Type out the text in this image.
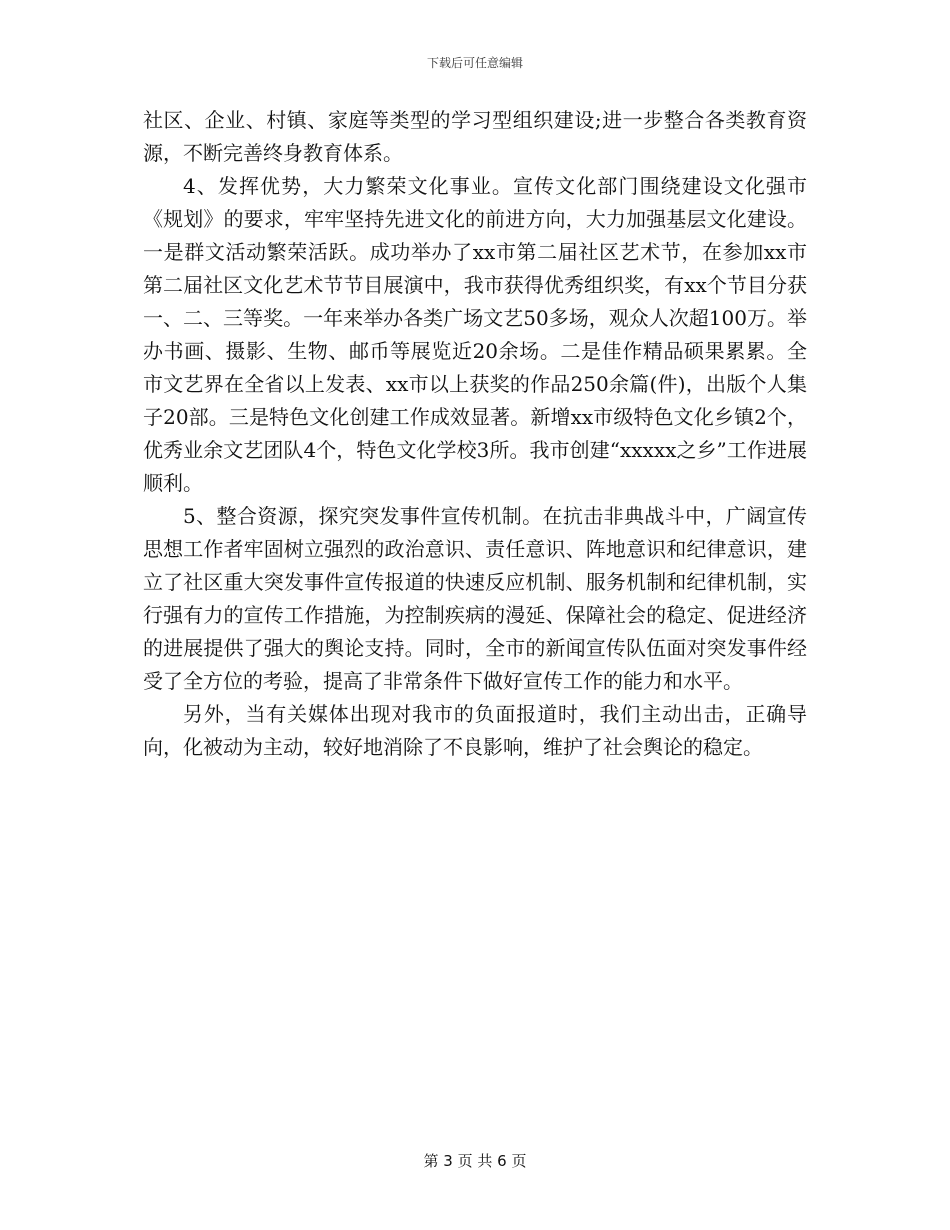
下载后可任意编辑

社区、企业、村镇、家庭等类型的学习型组织建设;进一步整合各类教育资源，不断完善终身教育体系。

4、发挥优势，大力繁荣文化事业。宣传文化部门围绕建设文化强市《规划》的要求，牢牢坚持先进文化的前进方向，大力加强基层文化建设。一是群文活动繁荣活跃。成功举办了xx市第二届社区艺术节，在参加xx市第二届社区文化艺术节节目展演中，我市获得优秀组织奖，有xx个节目分获一、二、三等奖。一年来举办各类广场文艺50多场，观众人次超100万。举办书画、摄影、生物、邮币等展览近20余场。二是佳作精品硕果累累。全市文艺界在全省以上发表、xx市以上获奖的作品250余篇(件)，出版个人集子20部。三是特色文化创建工作成效显著。新增xx市级特色文化乡镇2个，优秀业余文艺团队4个，特色文化学校3所。我市创建“xxxxx之乡”工作进展顺利。

5、整合资源，探究突发事件宣传机制。在抗击非典战斗中，广阔宣传思想工作者牢固树立强烈的政治意识、责任意识、阵地意识和纪律意识，建立了社区重大突发事件宣传报道的快速反应机制、服务机制和纪律机制，实行强有力的宣传工作措施，为控制疾病的漫延、保障社会的稳定、促进经济的进展提供了强大的舆论支持。同时，全市的新闻宣传队伍面对突发事件经受了全方位的考验，提高了非常条件下做好宣传工作的能力和水平。

另外，当有关媒体出现对我市的负面报道时，我们主动出击，正确导向，化被动为主动，较好地消除了不良影响，维护了社会舆论的稳定。

第 3 页 共 6 页
